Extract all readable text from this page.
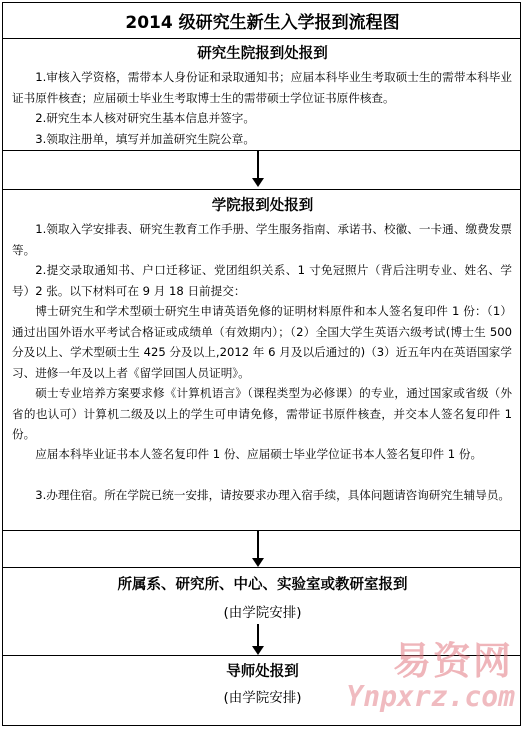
2014 级研究生新生入学报到流程图
研究生院报到处报到

1.审核入学资格，需带本人身份证和录取通知书；应届本科毕业生考取硕士生的需带本科毕业证书原件核查；应届硕士毕业生考取博士生的需带硕士学位证书原件核查。

2.研究生本人核对研究生基本信息并签字。

3.领取注册单，填写并加盖研究生院公章。

学院报到处报到

1.领取入学安排表、研究生教育工作手册、学生服务指南、承诺书、校徽、一卡通、缴费发票等。

2.提交录取通知书、户口迁移证、党团组织关系、1 寸免冠照片（背后注明专业、姓名、学号）2 张。以下材料可在 9 月 18 日前提交：

博士研究生和学术型硕士研究生申请英语免修的证明材料原件和本人签名复印件 1 份：（1）通过出国外语水平考试合格证或成绩单（有效期内）；（2）全国大学生英语六级考试(博士生 500 分及以上、学术型硕士生 425 分及以上,2012 年 6 月及以后通过的)（3）近五年内在英语国家学习、进修一年及以上者《留学回国人员证明》。

硕士专业培养方案要求修《计算机语言》（课程类型为必修课）的专业，通过国家或省级（外省的也认可）计算机二级及以上的学生可申请免修，需带证书原件核查，并交本人签名复印件 1 份。

应届本科毕业证书本人签名复印件 1 份、应届硕士毕业学位证书本人签名复印件 1 份。

3.办理住宿。所在学院已统一安排，请按要求办理入宿手续，具体问题请咨询研究生辅导员。

所属系、研究所、中心、实验室或教研室报到
(由学院安排)
导师处报到
(由学院安排)
易资网
Ynpxrz.com
